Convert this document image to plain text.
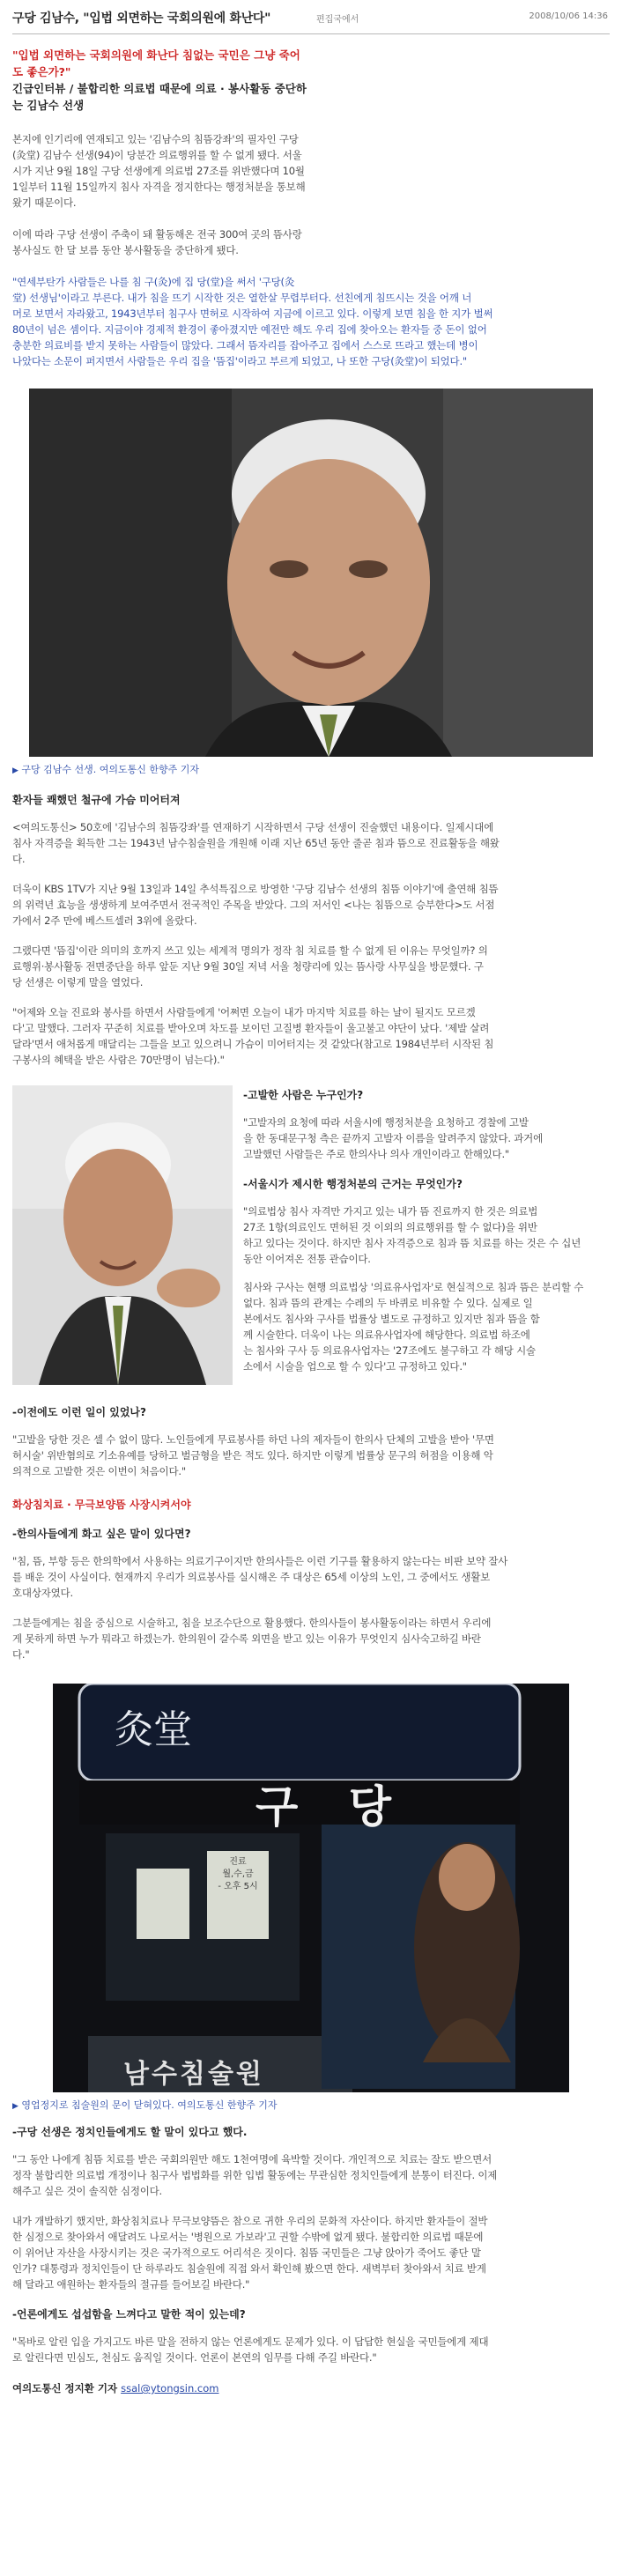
구당 김남수, "입법 외면하는 국회의원에 화난다"	편집국에서	2008/10/06 14:36

"입법 외면하는 국회의원에 화난다 침없는 국민은 그냥 죽어

도 좋은가?"

긴급인터뷰 / 불합리한 의료법 때문에 의료 · 봉사활동 중단하

는 김남수 선생

본지에 인기리에 연재되고 있는 '김남수의 침뜸강좌'의 필자인 구당

(灸堂) 김남수 선생(94)이 당분간 의료행위를 할 수 없게 됐다. 서울

시가 지난 9월 18일 구당 선생에게 의료법 27조를 위반했다며 10월

1일부터 11월 15일까지 침사 자격을 정지한다는 행정처분을 통보해

왔기 때문이다.

이에 따라 구당 선생이 주축이 돼 활동해온 전국 300여 곳의 뜸사랑

봉사실도 한 달 보름 동안 봉사활동을 중단하게 됐다.

"연세부탄가 사람들은 나를 침 구(灸)에 집 당(堂)을 써서 '구당(灸

堂) 선생님'이라고 부른다. 내가 침을 뜨기 시작한 것은 열한살 무렵부터다. 선친에게 침뜨시는 것을 어깨 너

머로 보면서 자라왔고, 1943년부터 침구사 면허로 시작하여 지금에 이르고 있다. 이렇게 보면 침을 한 지가 벌써

80년이 넘은 셈이다. 지금이야 경제적 환경이 좋아졌지만 예전만 해도 우리 집에 찾아오는 환자들 중 돈이 없어

충분한 의료비를 받지 못하는 사람들이 많았다. 그래서 뜸자리를 잡아주고 집에서 스스로 뜨라고 했는데 병이

나았다는 소문이 퍼지면서 사람들은 우리 집을 '뜸집'이라고 부르게 되었고, 나 또한 구당(灸堂)이 되었다."

▶ 구당 김남수 선생. 여의도통신 한향주 기자

환자들 쾌했던 철규에 가슴 미어터져

<여의도통신> 50호에 '김남수의 침뜸강좌'를 연재하기 시작하면서 구당 선생이 진술했던 내용이다. 일제시대에

침사 자격증을 획득한 그는 1943년 남수침술원을 개원해 이래 지난 65년 동안 줄곧 침과 뜸으로 진료활동을 해왔

다.

더욱이 KBS 1TV가 지난 9월 13일과 14일 추석특집으로 방영한 '구당 김남수 선생의 침뜸 이야기'에 출연해 침뜸

의 위력년 효능을 생생하게 보여주면서 전국적인 주목을 받았다. 그의 저서인 <나는 침뜸으로 승부한다>도 서점

가에서 2주 만에 베스트셀러 3위에 올랐다.

그랬다면 '뜸집'이란 의미의 호까지 쓰고 있는 세계적 명의가 정작 침 치료를 할 수 없게 된 이유는 무엇일까? 의

료행위·봉사활동 전면중단을 하루 앞둔 지난 9월 30일 저녁 서울 청량리에 있는 뜸사랑 사무실을 방문했다. 구

당 선생은 이렇게 말을 열었다.

"어제와 오늘 진료와 봉사를 하면서 사람들에게 '어쩌면 오늘이 내가 마지막 치료를 하는 날이 될지도 모르겠

다'고 말했다. 그러자 꾸준히 치료를 받아오며 차도를 보이던 고질병 환자들이 울고불고 야단이 났다. '제발 살려

달라'면서 애처롭게 매달리는 그들을 보고 있으려니 가슴이 미어터지는 것 같았다(참고로 1984년부터 시작된 침

구봉사의 혜택을 받은 사람은 70만명이 넘는다)."

-고발한 사람은 누구인가?

"고발자의 요청에 따라 서울시에 행정처분을 요청하고 경찰에 고발

을 한 동대문구청 측은 끝까지 고발자 이름을 알려주지 않았다. 과거에

고발했던 사람들은 주로 한의사나 의사 개인이라고 한해있다."

-서울시가 제시한 행정처분의 근거는 무엇인가?

"의료법상 침사 자격만 가지고 있는 내가 뜸 진료까지 한 것은 의료법

27조 1항(의료인도 면허된 것 이외의 의료행위를 할 수 없다)을 위반

하고 있다는 것이다. 하지만 침사 자격증으로 침과 뜸 치료를 하는 것은 수 십년

동안 이어져온 전통 관습이다.

침사와 구사는 현행 의료법상 '의료유사업자'로 현실적으로 침과 뜸은 분리할 수

없다. 침과 뜸의 관계는 수레의 두 바퀴로 비유할 수 있다. 실제로 일

본에서도 침사와 구사를 법률상 별도로 규정하고 있지만 침과 뜸을 함

께 시술한다. 더욱이 나는 의료유사업자에 해당한다. 의료법 하조에

는 침사와 구사 등 의료유사업자는 '27조에도 불구하고 각 해당 시술

소에서 시술을 업으로 할 수 있다'고 규정하고 있다."

-이전에도 이런 일이 있었나?

"고발을 당한 것은 셀 수 없이 많다. 노인들에게 무료봉사를 하던 나의 제자들이 한의사 단체의 고발을 받아 '무면

허시술' 위반혐의로 기소유예를 당하고 벌금형을 받은 적도 있다. 하지만 이렇게 법률상 문구의 허점을 이용해 악

의적으로 고발한 것은 이번이 처음이다."

화상침치료 · 무극보양뜸 사장시켜서야

-한의사들에게 화고 싶은 말이 있다면?

"침, 뜸, 부항 등은 한의학에서 사용하는 의료기구이지만 한의사들은 이런 기구를 활용하지 않는다는 비판 보약 잘사

를 배운 것이 사실이다. 현재까지 우리가 의료봉사를 실시해온 주 대상은 65세 이상의 노인, 그 중에서도 생활보

호대상자였다.

그분들에게는 침을 중심으로 시술하고, 침을 보조수단으로 활용했다. 한의사들이 봉사활동이라는 하면서 우리에

게 못하게 하면 누가 뭐라고 하겠는가. 한의원이 갈수록 외면을 받고 있는 이유가 무엇인지 심사숙고하길 바란

다."

灸堂
구 당
진료
월,수,금
- 오후 5시
남수침술원

▶ 영업정지로 침술원의 문이 닫혀있다. 여의도통신 한향주 기자

-구당 선생은 정치인들에게도 할 말이 있다고 했다.

"그 동안 나에게 침뜸 치료를 받은 국회의원만 해도 1천여명에 육박할 것이다. 개인적으로 치료는 잘도 받으면서

정작 불합리한 의료법 개정이나 침구사 법법화를 위한 입법 활동에는 무관심한 정치인들에게 분통이 터진다. 이제

해주고 싶은 것이 솔직한 심정이다.

내가 개발하기 했지만, 화상침치료나 무극보양뜸은 참으로 귀한 우리의 문화적 자산이다. 하지만 환자들이 절박

한 심정으로 찾아와서 애달려도 나로서는 '병원으로 가보라'고 권할 수밖에 없게 됐다. 불합리한 의료법 때문에

이 위어난 자산을 사장시키는 것은 국가적으로도 어리석은 짓이다. 침뜸 국민들은 그냥 앉아가 죽어도 좋단 말

인가? 대통령과 정치인들이 단 하루라도 침술원에 직접 와서 확인해 봤으면 한다. 새벽부터 찾아와서 치료 받게

해 달라고 애원하는 환자들의 절규를 들어보길 바란다."

-언론에게도 섭섭함을 느껴다고 말한 적이 있는데?

"목바로 알린 입을 가지고도 바른 말을 전하지 않는 언론에게도 문제가 있다. 이 답답한 현실을 국민들에게 제대

로 알린다면 민심도, 천심도 움직일 것이다. 언론이 본연의 임무를 다해 주길 바란다."

여의도통신 정지환 기자 ssal@ytongsin.com
